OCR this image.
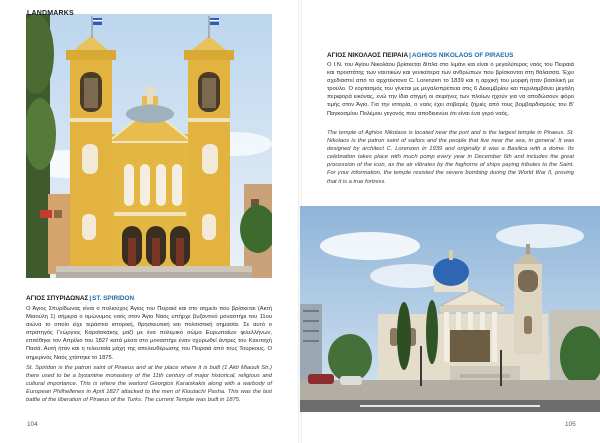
LANDMARKS
ΑΓΙΟΣ ΣΠΥΡΙΔΩΝΑΣ|ST. SPIRIDON
Ο Άγιος Σπυρίδωνας είναι ο πολιούχος Άγιος του Πειραιά και στο σημείο που βρίσκεται (Ακτή Μιαούλη 1) σήμερα ο ομώνυμος ναός στον Άγιο Ναός υπήρχε βυζαντινό μοναστήρι του 11ου αιώνα το οποίο είχε τεράστια ιστορική, θρησκευτική και πολιτιστική σημασία. Σε αυτό ο στρατηγός Γεώργιος Καραϊσκάκης μαζί με ένα πολεμικό σώμα Ευρωπαίων φιλελλήνων, επιτέθηκε τον Απρίλιο του 1827 κατά μέσα στο μοναστήρι έναν οχυρωθεί άντρες του Κιουταχή Πασά. Αυτή ήταν και η τελευταία μάχη της απελευθέρωσης του Πειραιά από τους Τούρκους. Ο σημερινός Ναός χτίστηκε το 1875.
St. Spiridon is the patron saint of Piraeus and at the place where it is built (1 Akti Miaouli Str.) there used to be a byzantine monastery of the 11th century of major historical, religious and cultural importance. This is where the warlord Georgios Karaiskakis along with a warbody of European Philhellenes in April 1827 attacked to the men of Kioutachi Pasha. This was the last battle of the liberation of Piraeus of the Turks. The current Temple was built in 1875.
104
ΑΓΙΟΣ ΝΙΚΟΛΑΟΣ ΠΕΙΡΑΙΑ|AGHIOS NIKOLAOS OF PIRAEUS
Ο Ι.Ν. του Αγίου Νικολάου βρίσκεται δίπλα στο λιμάνι και είναι ο μεγαλύτερος ναός του Πειραιά και προστάτης των ναυτικών και γενικότερα των ανθρώπων που βρίσκονται στη θάλασσα. Έχει σχεδιαστεί από το αρχιτέκτονα C. Lorenzen το 1839 και η αρχική του μορφή ήταν βασιλική με τρούλο. Ο εορτασμός του γίνεται με μεγαλοπρέπεια στις 6 Δεκεμβρίου και περιλαμβάνει μεγάλη περιφορά εικόνας, ενώ την ίδια στιγμή οι σειρήνες των πλοίων ηχούν για να αποδώσουν φόρο τιμής στον Άγιο. Για την ιστορία, ο ναός έχει σοβαρές ζημιές από τους βομβαρδισμούς του Β' Παγκοσμίου Πολέμου γεγονός που αποδεικνύει ότι είναι ένα γερό ναός.
The temple of Aghios Nikolaos is located near the port and is the largest temple in Piraeus. St. Nikolaos is the patron saint of sailors and the people that live near the sea, in general. It was designed by architect C. Lorenzen in 1939 and originally it was a Basilica with a dome. Its celebration takes place with much pomp every year in December 6th and includes the great procession of the icon, as the air vibrates by the foghorns of ships paying tributes to the Saint. For your information, the temple resisted the severe bombing during the World War II, proving that it is a true fortress.
105
